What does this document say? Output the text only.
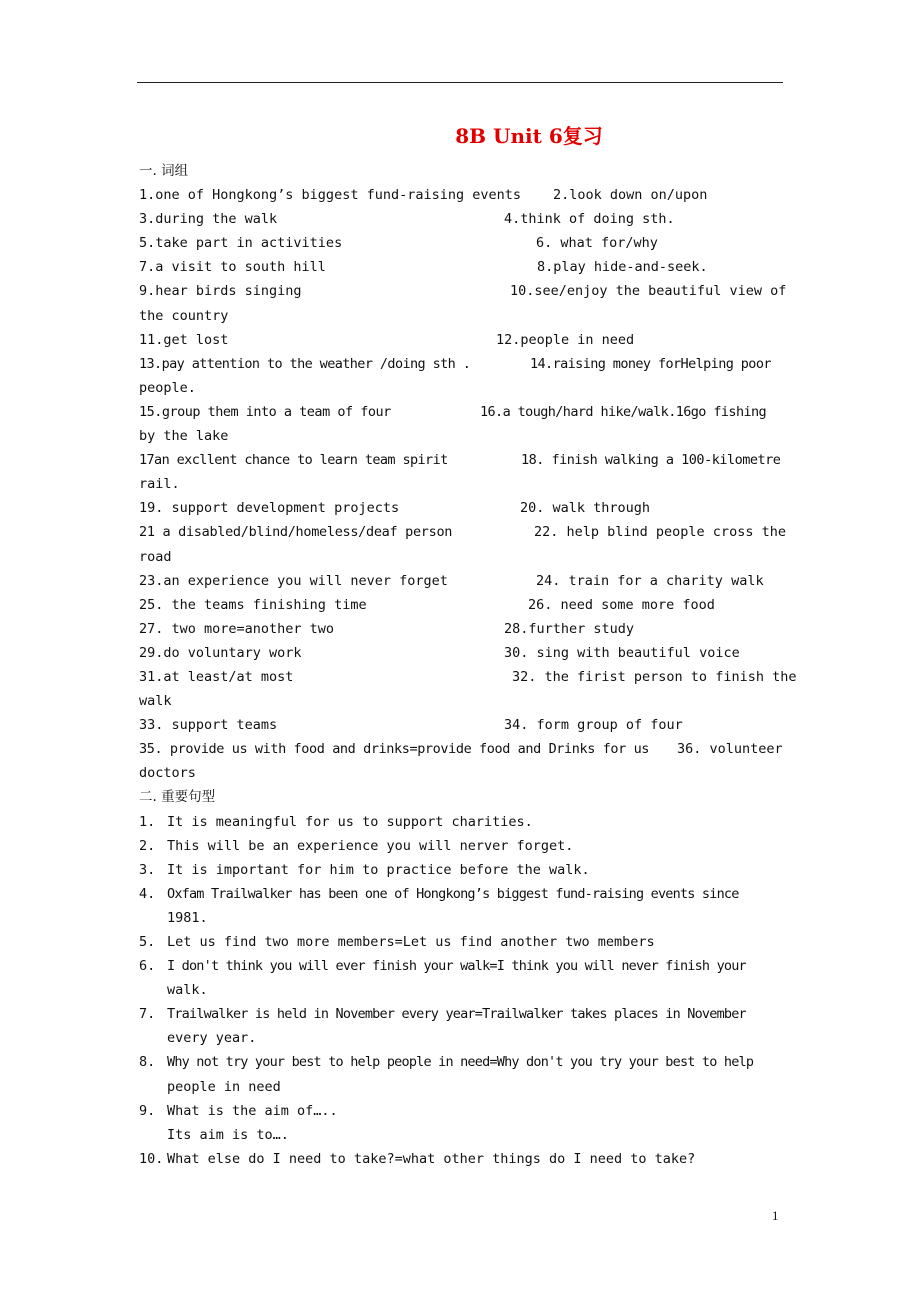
8B Unit 6复习
一. 词组
1.one of Hongkong’s biggest fund-raising events 2.look down on/upon
3.during the walk	4.think of doing sth.
5.take part in activities	6. what for/why
7.a visit to south hill	8.play hide-and-seek.
9.hear birds singing	10.see/enjoy the beautiful view of
the country
11.get lost	12.people in need
13.pay attention to the weather /doing sth .	14.raising money forHelping poor
people.
15.group them into a team of four	16.a tough/hard hike/walk.16go fishing
by the lake
17an excllent chance to learn team spirit	18. finish walking a 100-kilometre
rail.
19. support development projects	20. walk through
21 a disabled/blind/homeless/deaf person	22. help blind people cross the
road
23.an experience you will never forget	24. train for a charity walk
25. the teams finishing time	26. need some more food
27. two more=another two	28.further study
29.do voluntary work	30. sing with beautiful voice
31.at least/at most	32. the firist person to finish the
walk
33. support teams	34. form group of four
35. provide us with food and drinks=provide food and Drinks for us 36. volunteer
doctors
二. 重要句型
1. It is meaningful for us to support charities.
2. This will be an experience you will nerver forget.
3. It is important for him to practice before the walk.
4. Oxfam Trailwalker has been one of Hongkong’s biggest fund-raising events since
1981.
5. Let us find two more members=Let us find another two members
6. I don't think you will ever finish your walk=I think you will never finish your
walk.
7. Trailwalker is held in November every year=Trailwalker takes places in November
every year.
8. Why not try your best to help people in need=Why don't you try your best to help
people in need
9. What is the aim of…..
Its aim is to….
10. What else do I need to take?=what other things do I need to take?
1
